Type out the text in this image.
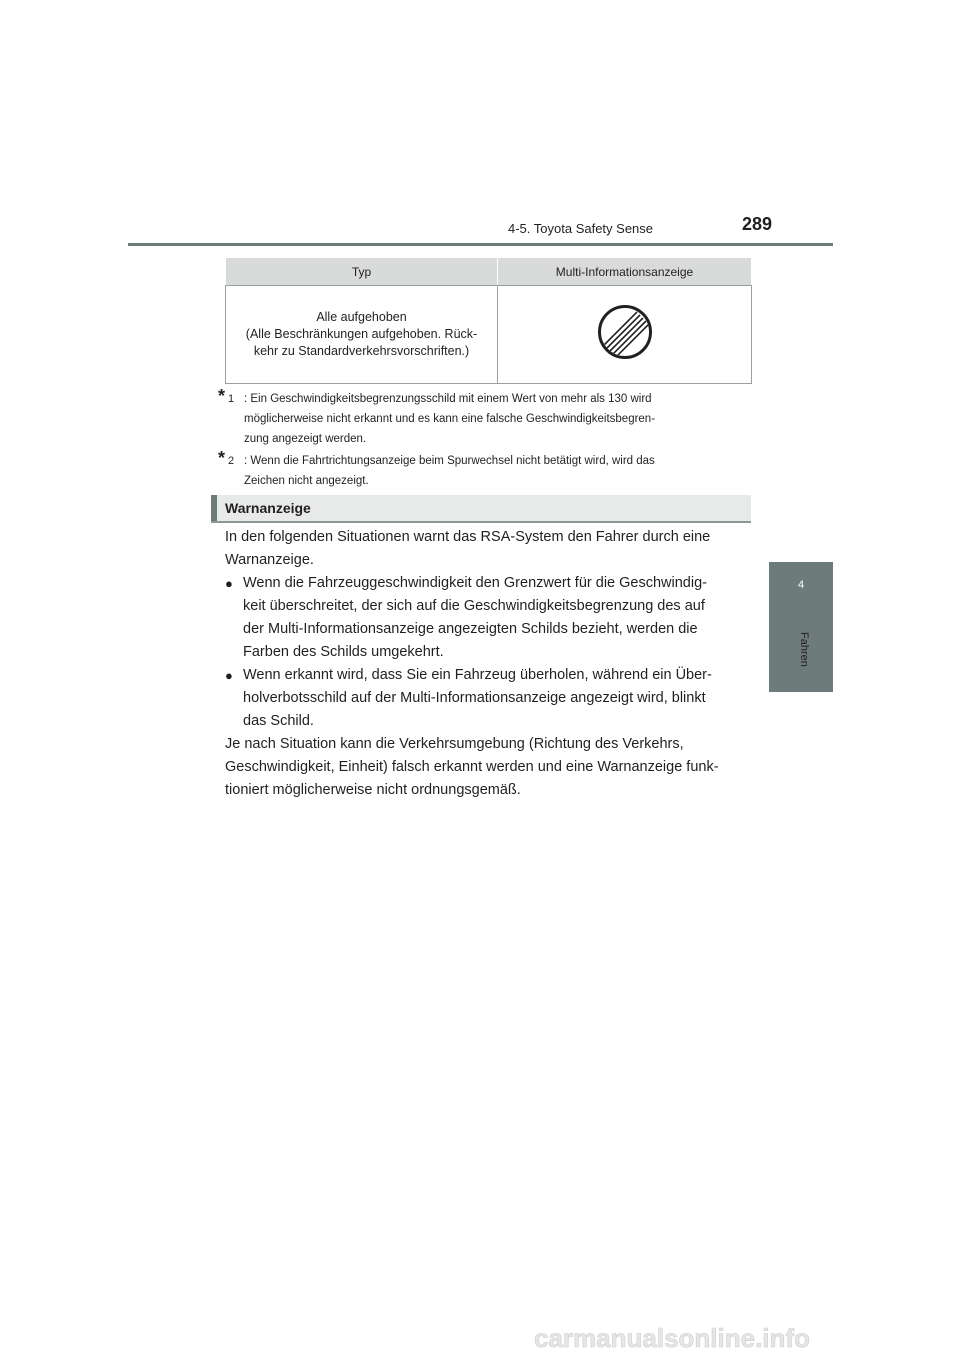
4-5. Toyota Safety Sense	289
4
Fahren
Typ	Multi-Informationsanzeige

Alle aufgehoben
(Alle Beschränkungen aufgehoben. Rück-
kehr zu Standardverkehrsvorschriften.)

* 1 : Ein Geschwindigkeitsbegrenzungsschild mit einem Wert von mehr als 130 wird
möglicherweise nicht erkannt und es kann eine falsche Geschwindigkeitsbegren-
zung angezeigt werden.
* 2 : Wenn die Fahrtrichtungsanzeige beim Spurwechsel nicht betätigt wird, wird das
Zeichen nicht angezeigt.
Warnanzeige
In den folgenden Situationen warnt das RSA-System den Fahrer durch eine
Warnanzeige.
● Wenn die Fahrzeuggeschwindigkeit den Grenzwert für die Geschwindig-
keit überschreitet, der sich auf die Geschwindigkeitsbegrenzung des auf
der Multi-Informationsanzeige angezeigten Schilds bezieht, werden die
Farben des Schilds umgekehrt.
● Wenn erkannt wird, dass Sie ein Fahrzeug überholen, während ein Über-
holverbotsschild auf der Multi-Informationsanzeige angezeigt wird, blinkt
das Schild.
Je nach Situation kann die Verkehrsumgebung (Richtung des Verkehrs,
Geschwindigkeit, Einheit) falsch erkannt werden und eine Warnanzeige funk-
tioniert möglicherweise nicht ordnungsgemäß.
carmanualsonline.info
